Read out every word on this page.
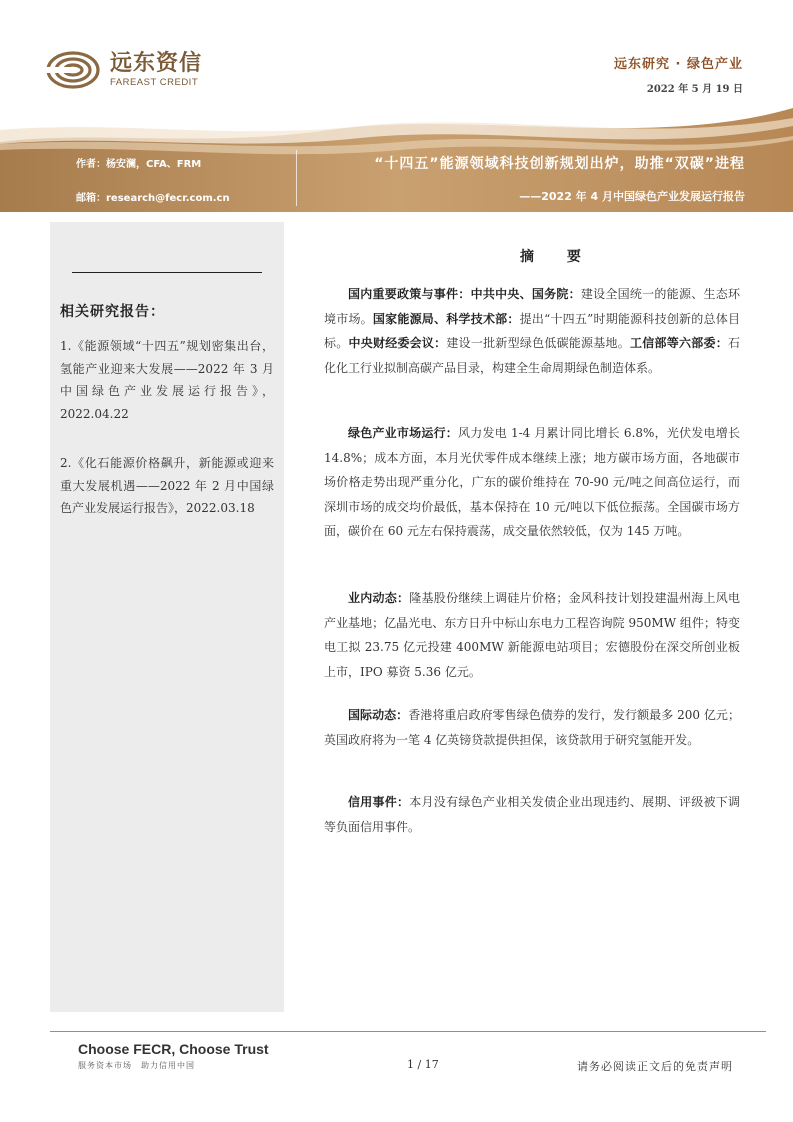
远东资信
FAREAST CREDIT
远东研究 · 绿色产业
2022 年 5 月 19 日
作者：杨安澜，CFA、FRM
邮箱：research@fecr.com.cn
“十四五”能源领域科技创新规划出炉，助推“双碳”进程
——2022 年 4 月中国绿色产业发展运行报告
相关研究报告：
1.《能源领域“十四五”规划密集出台，氢能产业迎来大发展——2022 年 3 月中国绿色产业发展运行报告》，2022.04.22
2.《化石能源价格飙升，新能源或迎来重大发展机遇——2022 年 2 月中国绿色产业发展运行报告》，2022.03.18
摘 要
国内重要政策与事件：中共中央、国务院：建设全国统一的能源、生态环境市场。国家能源局、科学技术部：提出“十四五”时期能源科技创新的总体目标。中央财经委会议：建设一批新型绿色低碳能源基地。工信部等六部委：石化化工行业拟制高碳产品目录，构建全生命周期绿色制造体系。
绿色产业市场运行：风力发电 1-4 月累计同比增长 6.8%，光伏发电增长 14.8%；成本方面，本月光伏零件成本继续上涨；地方碳市场方面，各地碳市场价格走势出现严重分化，广东的碳价维持在 70-90 元/吨之间高位运行，而深圳市场的成交均价最低，基本保持在 10 元/吨以下低位振荡。全国碳市场方面，碳价在 60 元左右保持震荡，成交量依然较低，仅为 145 万吨。
业内动态：隆基股份继续上调硅片价格；金风科技计划投建温州海上风电产业基地；亿晶光电、东方日升中标山东电力工程咨询院 950MW 组件；特变电工拟 23.75 亿元投建 400MW 新能源电站项目；宏德股份在深交所创业板上市，IPO 募资 5.36 亿元。
国际动态：香港将重启政府零售绿色债券的发行，发行额最多 200 亿元；英国政府将为一笔 4 亿英镑贷款提供担保，该贷款用于研究氢能开发。
信用事件：本月没有绿色产业相关发债企业出现违约、展期、评级被下调等负面信用事件。
Choose FECR, Choose Trust
服务资本市场　助力信用中国	1 / 17	请务必阅读正文后的免责声明
